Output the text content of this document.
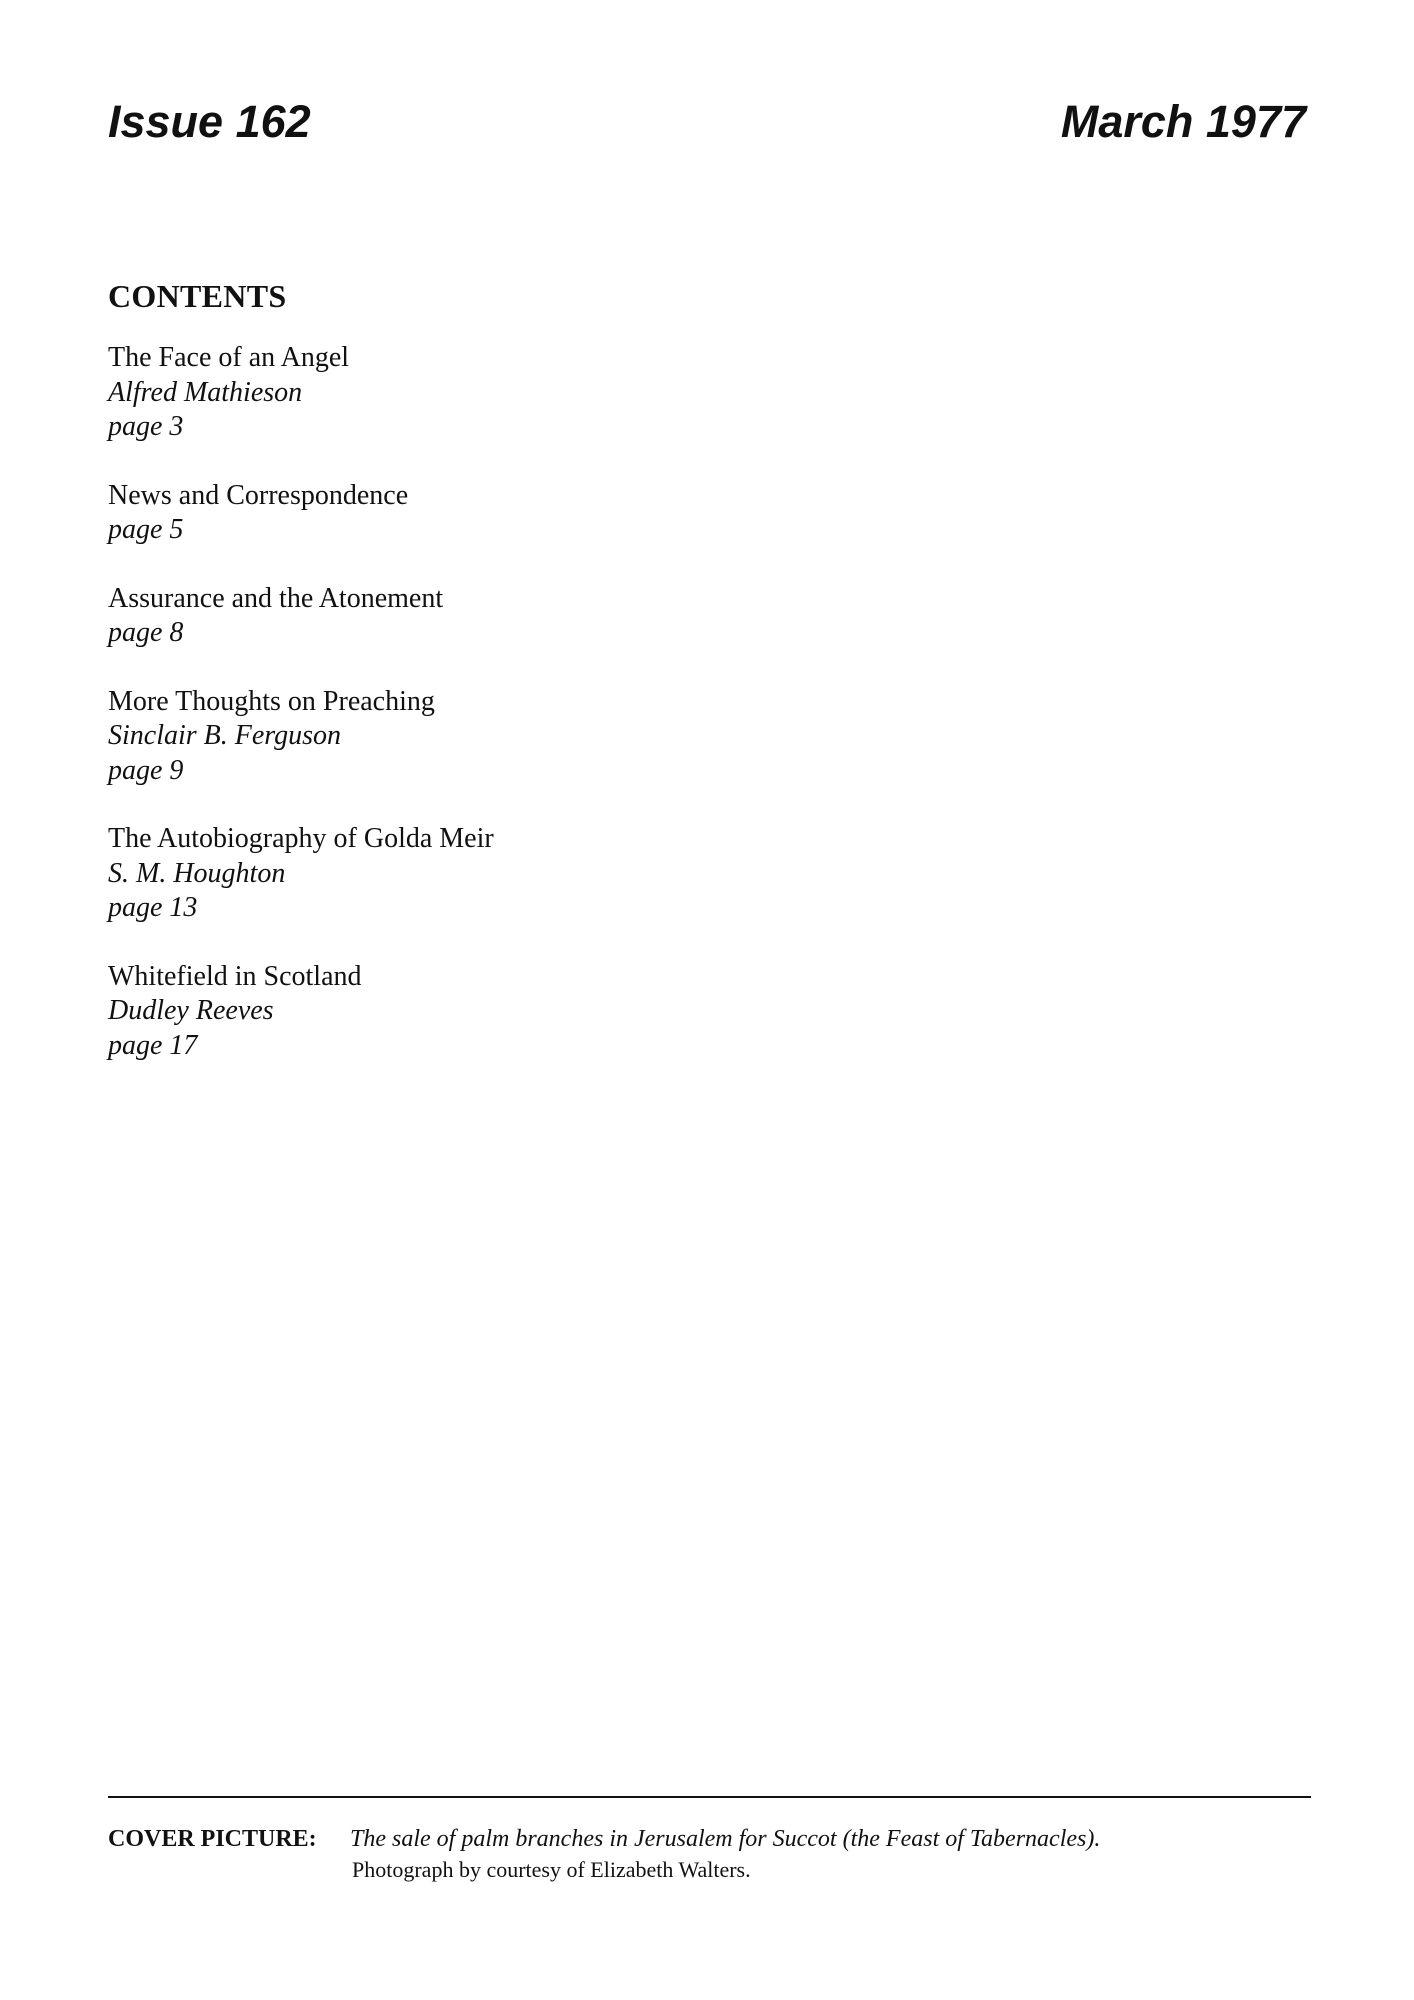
Issue 162	March 1977
CONTENTS
The Face of an Angel
Alfred Mathieson
page 3
News and Correspondence
page 5
Assurance and the Atonement
page 8
More Thoughts on Preaching
Sinclair B. Ferguson
page 9
The Autobiography of Golda Meir
S. M. Houghton
page 13
Whitefield in Scotland
Dudley Reeves
page 17
COVER PICTURE: The sale of palm branches in Jerusalem for Succot (the Feast of Tabernacles).
Photograph by courtesy of Elizabeth Walters.
